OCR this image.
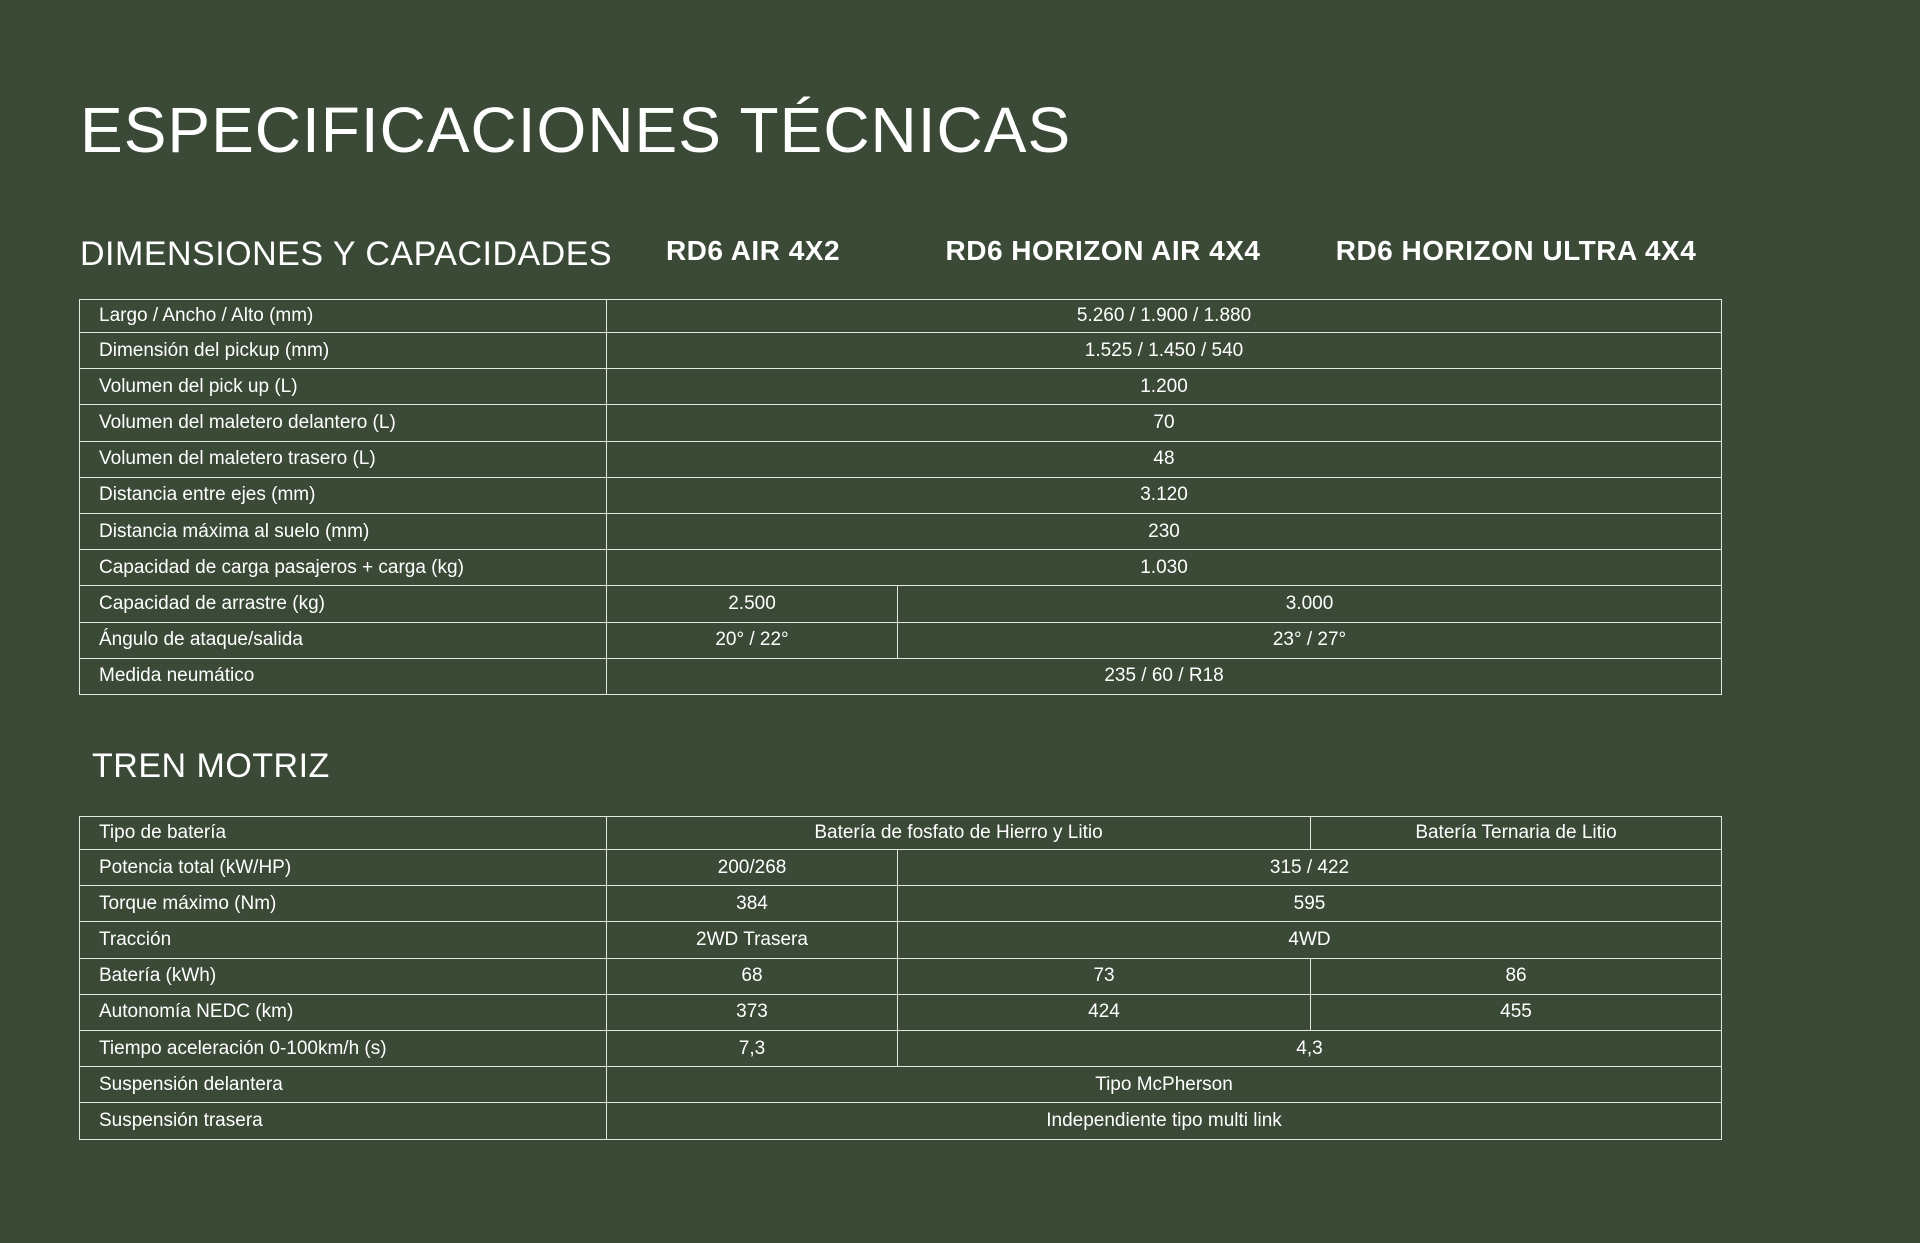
ESPECIFICACIONES TÉCNICAS
DIMENSIONES Y CAPACIDADES	RD6 AIR 4X2	RD6 HORIZON AIR 4X4	RD6 HORIZON ULTRA 4X4
Largo / Ancho / Alto (mm)	5.260 / 1.900 / 1.880	
Dimensión del pickup (mm)	1.525 / 1.450 / 540	
Volumen del pick up (L)	1.200	
Volumen del maletero delantero (L)	70	
Volumen del maletero trasero (L)	48	
Distancia entre ejes (mm)	3.120	
Distancia máxima al suelo (mm)	230	
Capacidad de carga pasajeros + carga (kg)	1.030	
Capacidad de arrastre (kg)	2.500	3.000
Ángulo de ataque/salida	20° / 22°	23° / 27°
Medida neumático	235 / 60 / R18	
TREN MOTRIZ
Tipo de batería	Batería de fosfato de Hierro y Litio		Batería Ternaria de Litio
Potencia total (kW/HP)	200/268	315 / 422	
Torque máximo (Nm)	384	595	
Tracción	2WD Trasera	4WD	
Batería (kWh)	68	73	86
Autonomía NEDC (km)	373	424	455
Tiempo aceleración 0-100km/h (s)	7,3	4,3	
Suspensión delantera	Tipo McPherson		
Suspensión trasera	Independiente tipo multi link		
